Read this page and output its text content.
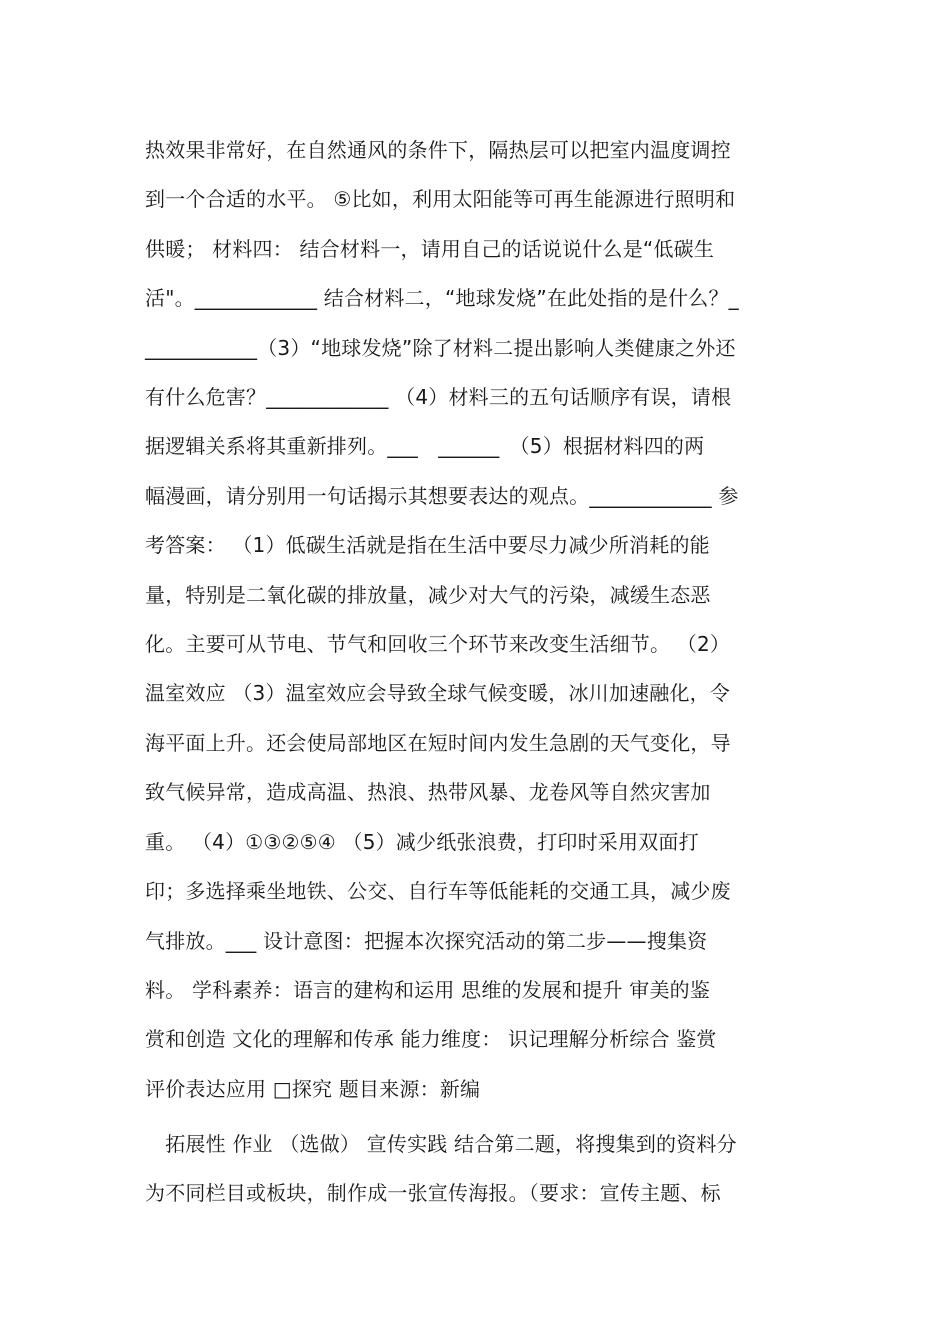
热效果非常好，在自然通风的条件下，隔热层可以把室内温度调控
到一个合适的水平。 ⑤比如，利用太阳能等可再生能源进行照明和
供暖； 材料四： 结合材料一，请用自己的话说说什么是“低碳生
活"。____________ 结合材料二，“地球发烧”在此处指的是什么？_
___________（3）“地球发烧”除了材料二提出影响人类健康之外还
有什么危害？____________ （4）材料三的五句话顺序有误，请根
据逻辑关系将其重新排列。___　______　（5）根据材料四的两
幅漫画，请分别用一句话揭示其想要表达的观点。____________ 参
考答案： （1）低碳生活就是指在生活中要尽力减少所消耗的能
量，特别是二氧化碳的排放量，减少对大气的污染，减缓生态恶
化。主要可从节电、节气和回收三个环节来改变生活细节。 （2）
温室效应 （3）温室效应会导致全球气候变暖，冰川加速融化，令
海平面上升。还会使局部地区在短时间内发生急剧的天气变化，导
致气候异常，造成高温、热浪、热带风暴、龙卷风等自然灾害加
重。 （4）①③②⑤④ （5）减少纸张浪费，打印时采用双面打
印；多选择乘坐地铁、公交、自行车等低能耗的交通工具，减少废
气排放。___ 设计意图：把握本次探究活动的第二步——搜集资
料。 学科素养：语言的建构和运用 思维的发展和提升 审美的鉴
赏和创造 文化的理解和传承 能力维度： 识记理解分析综合 鉴赏
评价表达应用 □探究 题目来源：新编
　拓展性 作业 （选做） 宣传实践 结合第二题，将搜集到的资料分
为不同栏目或板块，制作成一张宣传海报。（要求：宣传主题、标
